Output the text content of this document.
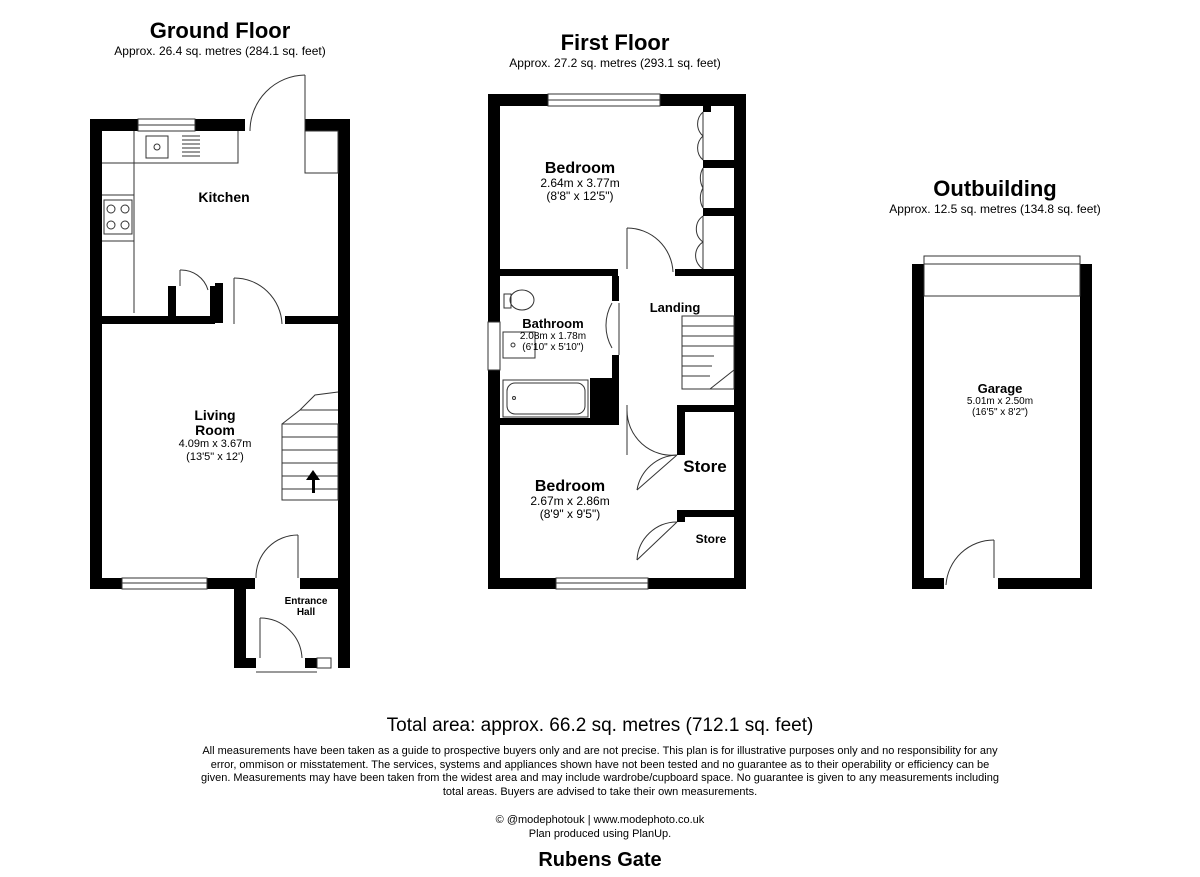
Ground Floor
Approx. 26.4 sq. metres (284.1 sq. feet)	First Floor
Approx. 27.2 sq. metres (293.1 sq. feet)
Outbuilding
Approx. 12.5 sq. metres (134.8 sq. feet)
Kitchen
Living
Room
4.09m x 3.67m
(13'5" x 12')
Entrance
Hall
Bedroom
2.64m x 3.77m
(8'8" x 12'5")
Bathroom
2.08m x 1.78m
(6'10" x 5'10")
Landing
Bedroom
2.67m x 2.86m
(8'9" x 9'5")
Store
Store
Garage
5.01m x 2.50m
(16'5" x 8'2")
Total area: approx. 66.2 sq. metres (712.1 sq. feet)
All measurements have been taken as a guide to prospective buyers only and are not precise. This plan is for illustrative purposes only and no responsibility for any error, ommison or misstatement. The services, systems and appliances shown have not been tested and no guarantee as to their operability or efficiency can be given. Measurements may have been taken from the widest area and may include wardrobe/cupboard space. No guarantee is given to any measurements including total areas. Buyers are advised to take their own measurements.
© @modephotouk | www.modephoto.co.uk
Plan produced using PlanUp.
Rubens Gate
